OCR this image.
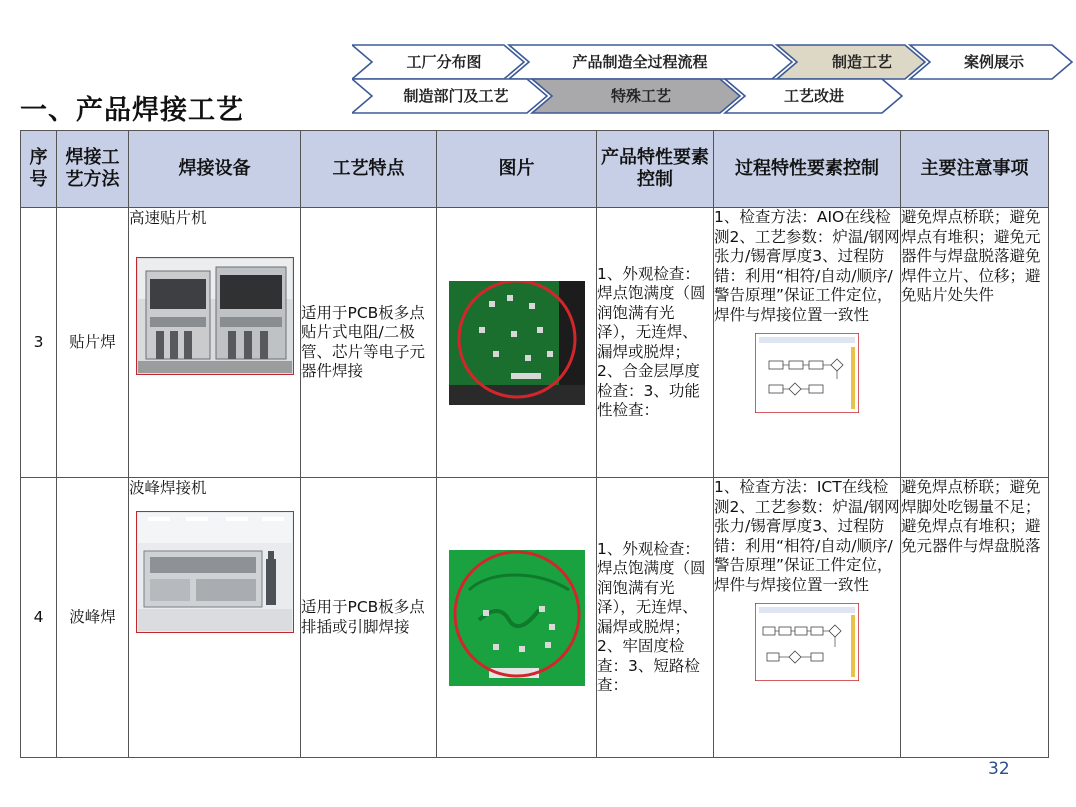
一、产品焊接工艺
工厂分布图	产品制造全过程流程	制造工艺	案例展示
制造部门及工艺	特殊工艺	工艺改进
序号	焊接工艺方法	焊接设备	工艺特点	图片	产品特性要素控制	过程特性要素控制	主要注意事项
3	贴片焊	高速贴片机	适用于PCB板多点贴片式电阻/二极管、芯片等电子元器件焊接		1、外观检查：焊点饱满度（圆润饱满有光泽），无连焊、漏焊或脱焊；2、合金层厚度检查：3、功能性检查：	1、检查方法：AIO在线检测2、工艺参数：炉温/钢网张力/锡膏厚度3、过程防错：利用“相符/自动/顺序/警告原理”保证工件定位，焊件与焊接位置一致性	避免焊点桥联；避免焊点有堆积；避免元器件与焊盘脱落避免焊件立片、位移；避免贴片处失件
4	波峰焊	波峰焊接机	适用于PCB板多点排插或引脚焊接		1、外观检查：焊点饱满度（圆润饱满有光泽），无连焊、漏焊或脱焊；2、牢固度检查：3、短路检查：	1、检查方法：ICT在线检测2、工艺参数：炉温/钢网张力/锡膏厚度3、过程防错：利用“相符/自动/顺序/警告原理”保证工件定位，焊件与焊接位置一致性	避免焊点桥联；避免焊脚处吃锡量不足；避免焊点有堆积；避免元器件与焊盘脱落
32
